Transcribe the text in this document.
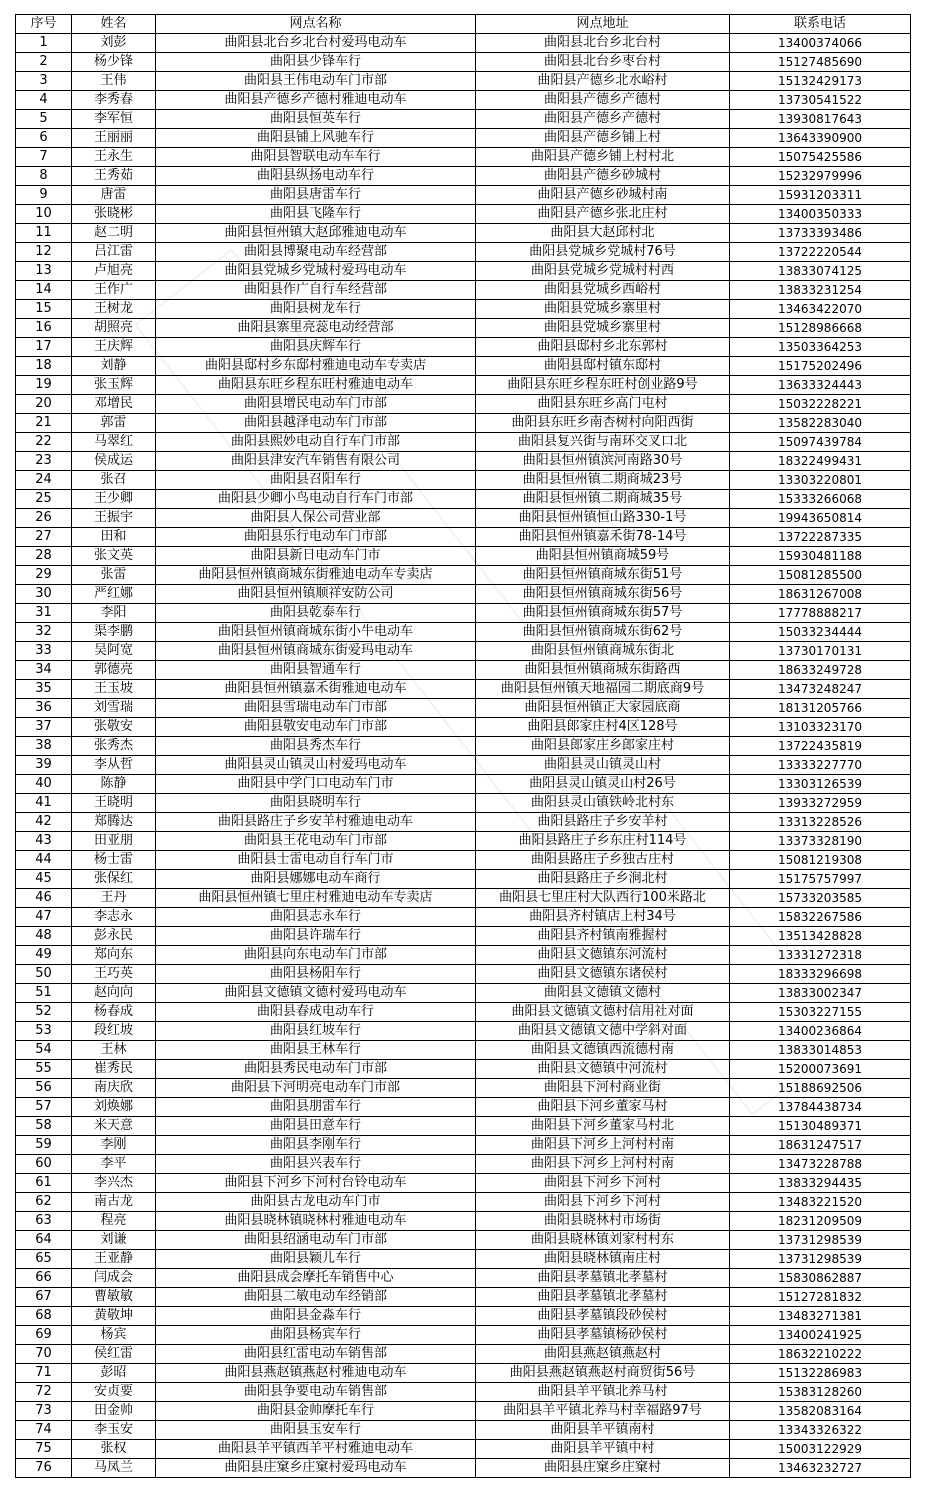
序号	姓名	网点名称	网点地址	联系电话
1	刘彭	曲阳县北台乡北台村爱玛电动车	曲阳县北台乡北台村	13400374066
2	杨少锋	曲阳县少锋车行	曲阳县北台乡枣台村	15127485690
3	王伟	曲阳县王伟电动车门市部	曲阳县产德乡北水峪村	15132429173
4	李秀春	曲阳县产德乡产德村雅迪电动车	曲阳县产德乡产德村	13730541522
5	李军恒	曲阳县恒英车行	曲阳县产德乡产德村	13930817643
6	王丽丽	曲阳县铺上风驰车行	曲阳县产德乡铺上村	13643390900
7	王永生	曲阳县智联电动车车行	曲阳县产德乡铺上村村北	15075425586
8	王秀茹	曲阳县纵扬电动车行	曲阳县产德乡砂城村	15232979996
9	唐雷	曲阳县唐雷车行	曲阳县产德乡砂城村南	15931203311
10	张晓彬	曲阳县飞隆车行	曲阳县产德乡张北庄村	13400350333
11	赵二明	曲阳县恒州镇大赵邱雅迪电动车	曲阳县大赵邱村北	13733393486
12	吕江雷	曲阳县博聚电动车经营部	曲阳县党城乡党城村76号	13722220544
13	卢旭亮	曲阳县党城乡党城村爱玛电动车	曲阳县党城乡党城村村西	13833074125
14	王作广	曲阳县作广自行车经营部	曲阳县党城乡西峪村	13833231254
15	王树龙	曲阳县树龙车行	曲阳县党城乡寨里村	13463422070
16	胡照亮	曲阳县寨里亮蕊电动经营部	曲阳县党城乡寨里村	15128986668
17	王庆辉	曲阳县庆辉车行	曲阳县邸村乡北东郭村	13503364253
18	刘静	曲阳县邸村乡东邸村雅迪电动车专卖店	曲阳县邸村镇东邸村	15175202496
19	张玉辉	曲阳县东旺乡程东旺村雅迪电动车	曲阳县东旺乡程东旺村创业路9号	13633324443
20	邓增民	曲阳县增民电动车门市部	曲阳县东旺乡高门屯村	15032228221
21	郭雷	曲阳县越泽电动车门市部	曲阳县东旺乡南杏树村向阳西街	13582283040
22	马翠红	曲阳县熙妙电动自行车门市部	曲阳县复兴街与南环交叉口北	15097439784
23	侯成运	曲阳县津安汽车销售有限公司	曲阳县恒州镇滨河南路30号	18322499431
24	张召	曲阳县召阳车行	曲阳县恒州镇二期商城23号	13303220801
25	王少卿	曲阳县少卿小鸟电动自行车门市部	曲阳县恒州镇二期商城35号	15333266068
26	王振宇	曲阳县人保公司营业部	曲阳县恒州镇恒山路330-1号	19943650814
27	田和	曲阳县乐行电动车门市部	曲阳县恒州镇嘉禾街78-14号	13722287335
28	张文英	曲阳县新日电动车门市	曲阳县恒州镇商城59号	15930481188
29	张雷	曲阳县恒州镇商城东街雅迪电动车专卖店	曲阳县恒州镇商城东街51号	15081285500
30	严红娜	曲阳县恒州镇顺祥安防公司	曲阳县恒州镇商城东街56号	18631267008
31	李阳	曲阳县乾泰车行	曲阳县恒州镇商城东街57号	17778888217
32	渠李鹏	曲阳县恒州镇商城东街小牛电动车	曲阳县恒州镇商城东街62号	15033234444
33	吴阿宽	曲阳县恒州镇商城东街爱玛电动车	曲阳县恒州镇商城东街北	13730170131
34	郭德亮	曲阳县智通车行	曲阳县恒州镇商城东街路西	18633249728
35	王玉坡	曲阳县恒州镇嘉禾街雅迪电动车	曲阳县恒州镇天地福园二期底商9号	13473248247
36	刘雪瑞	曲阳县雪瑞电动车门市部	曲阳县恒州镇正大家园底商	18131205766
37	张敬安	曲阳县敬安电动车门市部	曲阳县郎家庄村4区128号	13103323170
38	张秀杰	曲阳县秀杰车行	曲阳县郎家庄乡郎家庄村	13722435819
39	李从哲	曲阳县灵山镇灵山村爱玛电动车	曲阳县灵山镇灵山村	13333227770
40	陈静	曲阳县中学门口电动车门市	曲阳县灵山镇灵山村26号	13303126539
41	王晓明	曲阳县晓明车行	曲阳县灵山镇铁岭北村东	13933272959
42	郑腾达	曲阳县路庄子乡安羊村雅迪电动车	曲阳县路庄子乡安羊村	13313228526
43	田亚朋	曲阳县王花电动车门市部	曲阳县路庄子乡东庄村114号	13373328190
44	杨士雷	曲阳县士雷电动自行车门市	曲阳县路庄子乡独古庄村	15081219308
45	张保红	曲阳县娜娜电动车商行	曲阳县路庄子乡涧北村	15175757997
46	王丹	曲阳县恒州镇七里庄村雅迪电动车专卖店	曲阳县七里庄村大队西行100米路北	15733203585
47	李志永	曲阳县志永车行	曲阳县齐村镇店上村34号	15832267586
48	彭永民	曲阳县许瑞车行	曲阳县齐村镇南雅握村	13513428828
49	郑向东	曲阳县向东电动车门市部	曲阳县文德镇东河流村	13331272318
50	王巧英	曲阳县杨阳车行	曲阳县文德镇东诸侯村	18333296698
51	赵向向	曲阳县文德镇文德村爱玛电动车	曲阳县文德镇文德村	13833002347
52	杨春成	曲阳县春成电动车行	曲阳县文德镇文德村信用社对面	15303227155
53	段红坡	曲阳县红坡车行	曲阳县文德镇文德中学斜对面	13400236864
54	王林	曲阳县王林车行	曲阳县文德镇西流德村南	13833014853
55	崔秀民	曲阳县秀民电动车门市部	曲阳县文德镇中河流村	15200073691
56	南庆欣	曲阳县下河明亮电动车门市部	曲阳县下河村商业街	15188692506
57	刘焕娜	曲阳县朋雷车行	曲阳县下河乡董家马村	13784438734
58	米天意	曲阳县田意车行	曲阳县下河乡董家马村北	15130489371
59	李刚	曲阳县李刚车行	曲阳县下河乡上河村村南	18631247517
60	李平	曲阳县兴表车行	曲阳县下河乡上河村村南	13473228788
61	李兴杰	曲阳县下河乡下河村台铃电动车	曲阳县下河乡下河村	13833294435
62	南古龙	曲阳县古龙电动车门市	曲阳县下河乡下河村	13483221520
63	程亮	曲阳县晓林镇晓林村雅迪电动车	曲阳县晓林村市场街	18231209509
64	刘谦	曲阳县绍涵电动车门市部	曲阳县晓林镇刘家村村东	13731298539
65	王亚静	曲阳县颖儿车行	曲阳县晓林镇南庄村	13731298539
66	闫成会	曲阳县成会摩托车销售中心	曲阳县孝墓镇北孝墓村	15830862887
67	曹敏敏	曲阳县二敏电动车经销部	曲阳县孝墓镇北孝墓村	15127281832
68	黄敬坤	曲阳县金淼车行	曲阳县孝墓镇段砂侯村	13483271381
69	杨宾	曲阳县杨宾车行	曲阳县孝墓镇杨砂侯村	13400241925
70	侯红雷	曲阳县红雷电动车销售部	曲阳县燕赵镇燕赵村	18632210222
71	彭昭	曲阳县燕赵镇燕赵村雅迪电动车	曲阳县燕赵镇燕赵村商贸街56号	15132286983
72	安贞要	曲阳县争要电动车销售部	曲阳县羊平镇北养马村	15383128260
73	田金帅	曲阳县金帅摩托车行	曲阳县羊平镇北养马村幸福路97号	13582083164
74	李玉安	曲阳县玉安车行	曲阳县羊平镇南村	13343326322
75	张权	曲阳县羊平镇西羊平村雅迪电动车	曲阳县羊平镇中村	15003122929
76	马凤兰	曲阳县庄窠乡庄窠村爱玛电动车	曲阳县庄窠乡庄窠村	13463232727
